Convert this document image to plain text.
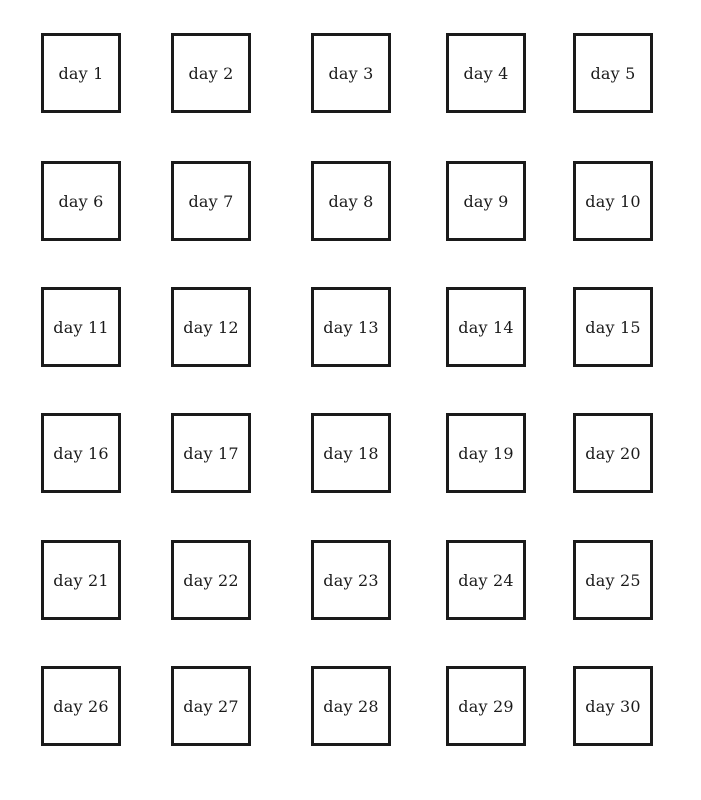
day 1	day 2	day 3	day 4	day 5
day 6	day 7	day 8	day 9	day 10
day 11	day 12	day 13	day 14	day 15
day 16	day 17	day 18	day 19	day 20
day 21	day 22	day 23	day 24	day 25
day 26	day 27	day 28	day 29	day 30
